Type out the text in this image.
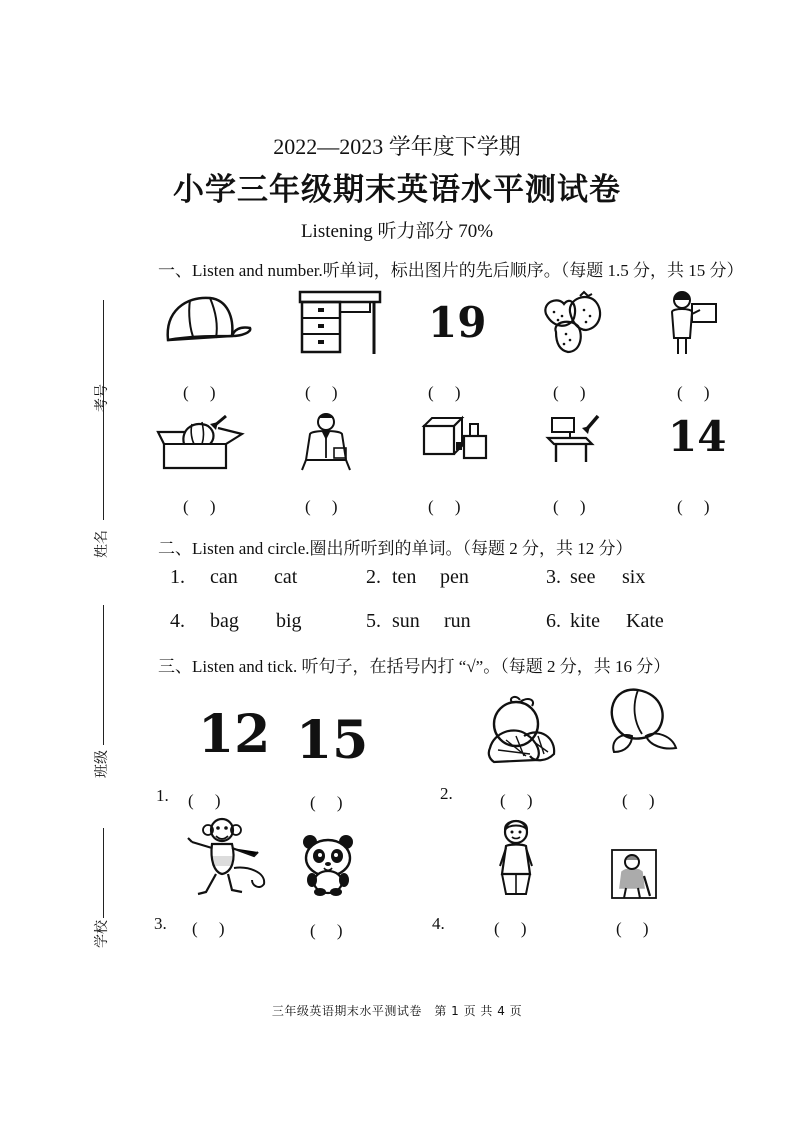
2022—2023 学年度下学期
小学三年级期末英语水平测试卷
Listening 听力部分 70%
考号
姓名
班级
学校
一、Listen and number.听单词，标出图片的先后顺序。（每题 1.5 分，共 15 分）
19
(　 )	(　 )	(　 )	(　 )	(　 )
14
(　 )	(　 )	(　 )	(　 )	(　 )
二、Listen and circle.圈出所听到的单词。（每题 2 分，共 12 分）
1. can cat	2. ten pen	3. see six
4. bag big	5. sun run	6. kite Kate
三、Listen and tick. 听句子，在括号内打 “√”。（每题 2 分，共 16 分）
12 15
1. (　 )	(　 )	2.	(　 )	(　 )
3. (　 )	(　 )	4.	(　 )	(　 )
三年级英语期末水平测试卷　第 1 页 共 4 页
